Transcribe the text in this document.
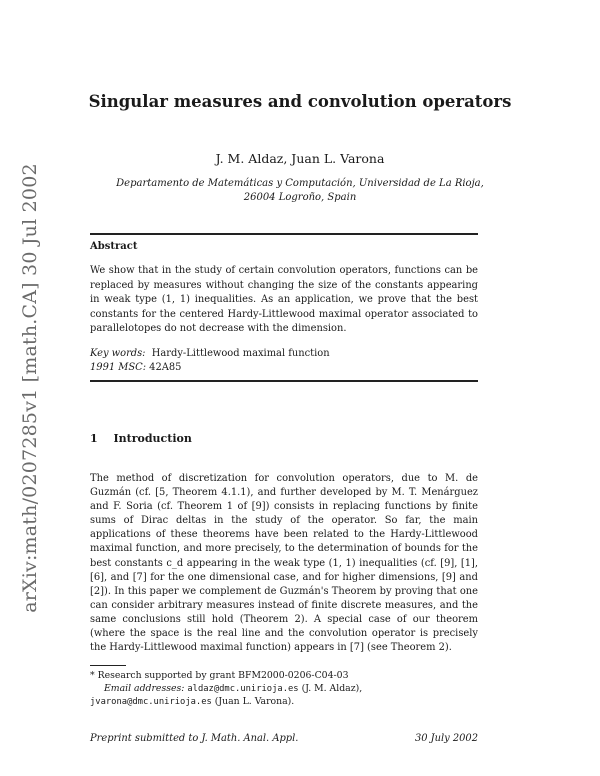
arXiv:math/0207285v1 [math.CA] 30 Jul 2002
Singular measures and convolution operators
J. M. Aldaz, Juan L. Varona
Departamento de Matemáticas y Computación, Universidad de La Rioja,
26004 Logroño, Spain
Abstract
We show that in the study of certain convolution operators, functions can be replaced by measures without changing the size of the constants appearing in weak type (1, 1) inequalities. As an application, we prove that the best constants for the centered Hardy-Littlewood maximal operator associated to parallelotopes do not decrease with the dimension.
Key words: Hardy-Littlewood maximal function
1991 MSC: 42A85
1 Introduction
The method of discretization for convolution operators, due to M. de Guzmán (cf. [5, Theorem 4.1.1), and further developed by M. T. Menárguez and F. Soria (cf. Theorem 1 of [9]) consists in replacing functions by finite sums of Dirac deltas in the study of the operator. So far, the main applications of these theorems have been related to the Hardy-Littlewood maximal function, and more precisely, to the determination of bounds for the best constants c_d appearing in the weak type (1, 1) inequalities (cf. [9], [1], [6], and [7] for the one dimensional case, and for higher dimensions, [9] and [2]). In this paper we complement de Guzmán's Theorem by proving that one can consider arbitrary measures instead of finite discrete measures, and the same conclusions still hold (Theorem 2). A special case of our theorem (where the space is the real line and the convolution operator is precisely the Hardy-Littlewood maximal function) appears in [7] (see Theorem 2).
* Research supported by grant BFM2000-0206-C04-03
Email addresses: aldaz@dmc.unirioja.es (J. M. Aldaz),
jvarona@dmc.unirioja.es (Juan L. Varona).
Preprint submitted to J. Math. Anal. Appl.	30 July 2002
